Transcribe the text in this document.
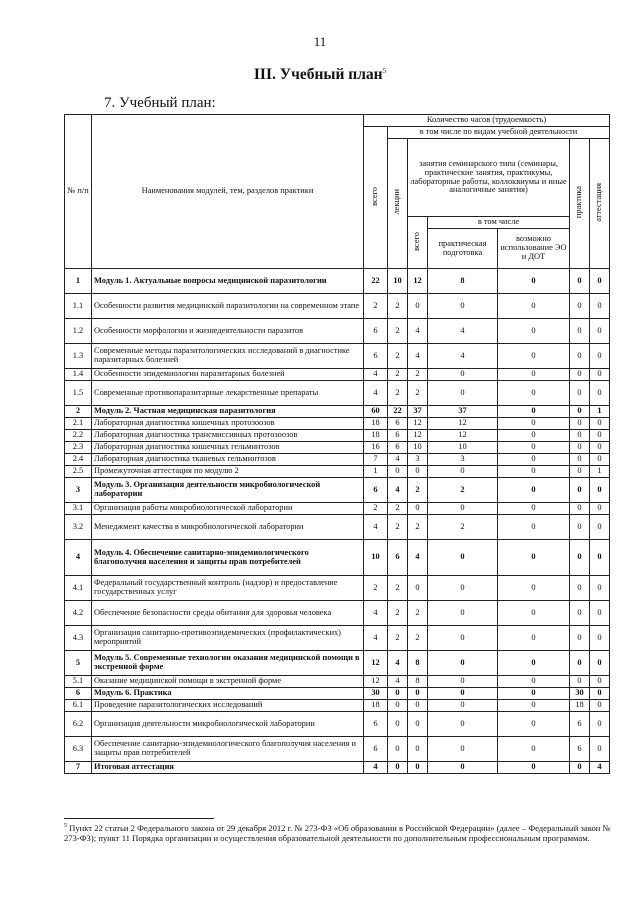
11
III. Учебный план$^5$
7. Учебный план:
№ п/п	Наименования модулей, тем, разделов практики	Количество часов (трудоемкость)						
		всего	в том числе по видам учебной деятельности					
			лекции	занятия семинарского типа (семинары, практические занятия, практикумы, лабораторные работы, коллоквиумы и иные аналогичные занятия)			практика	аттестация
				всего	в том числе			
					практическая подготовка	возможно использование ЭО и ДОТ		

1	Модуль 1. Актуальные вопросы медицинской паразитологии	22	10	12	8	0	0	0
1.1	Особенности развития медицинской паразитологии на современном этапе	2	2	0	0	0	0	0
1.2	Особенности морфологии и жизнедеятельности паразитов	6	2	4	4	0	0	0
1.3	Современные методы паразитологических исследований в диагностике паразитарных болезней	6	2	4	4	0	0	0
1.4	Особенности эпидемиологии паразитарных болезней	4	2	2	0	0	0	0
1.5	Современные противопаразитарные лекарственные препараты	4	2	2	0	0	0	0
2	Модуль 2. Частная медицинская паразитология	60	22	37	37	0	0	1
2.1	Лабораторная диагностика кишечных протозоозов	18	6	12	12	0	0	0
2.2	Лабораторная диагностика трансмиссивных протозоозов	18	6	12	12	0	0	0
2.3	Лабораторная диагностика кишечных гельминтозов	16	6	10	10	0	0	0
2.4	Лабораторная диагностика тканевых гельминтозов	7	4	3	3	0	0	0
2.5	Промежуточная аттестация по модулю 2	1	0	0	0	0	0	1
3	Модуль 3. Организация деятельности микробиологической лаборатории	6	4	2	2	0	0	0
3.1	Организация работы микробиологической лаборатории	2	2	0	0	0	0	0
3.2	Менеджмент качества в микробиологической лаборатории	4	2	2	2	0	0	0
4	Модуль 4. Обеспечение санитарно-эпидемиологического благополучия населения и защиты прав потребителей	10	6	4	0	0	0	0
4.1	Федеральный государственный контроль (надзор) и предоставление государственных услуг	2	2	0	0	0	0	0
4.2	Обеспечение безопасности среды обитания для здоровья человека	4	2	2	0	0	0	0
4.3	Организация санитарно-противоэпидемических (профилактических) мероприятий	4	2	2	0	0	0	0
5	Модуль 5. Современные технологии оказания медицинской помощи в экстренной форме	12	4	8	0	0	0	0
5.1	Оказание медицинской помощи в экстренной форме	12	4	8	0	0	0	0
6	Модуль 6. Практика	30	0	0	0	0	30	0
6.1	Проведение паразитологических исследований	18	0	0	0	0	18	0
6.2	Организация деятельности микробиологической лаборатории	6	0	0	0	0	6	0
6.3	Обеспечение санитарно-эпидемиологического благополучия населения и защиты прав потребителей	6	0	0	0	0	6	0
7	Итоговая аттестация	4	0	0	0	0	0	4
$^5$ Пункт 22 статьи 2 Федерального закона от 29 декабря 2012 г. № 273-ФЗ «Об образовании в Российской Федерации» (далее – Федеральный закон № 273-ФЗ); пункт 11 Порядка организации и осуществления образовательной деятельности по дополнительным профессиональным программам.
